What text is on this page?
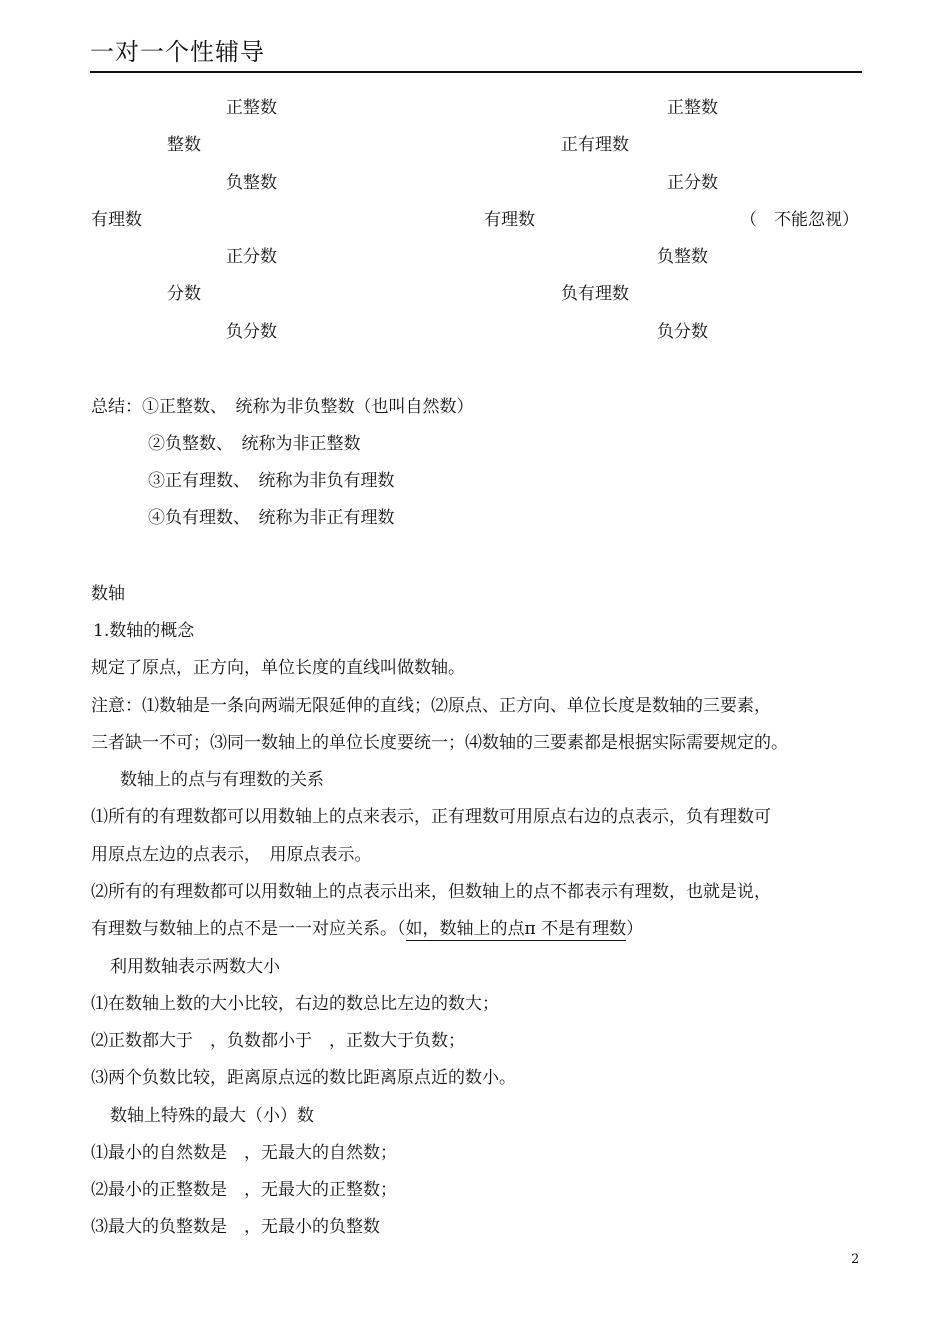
一对一个性辅导
正整数
整数
负整数
有理数
正分数
分数
负分数
正整数
正有理数
正分数
有理数	（　不能忽视）
负整数
负有理数
负分数
总结：①正整数、　统称为非负整数（也叫自然数）
②负整数、　统称为非正整数
③正有理数、　统称为非负有理数
④负有理数、　统称为非正有理数
数轴
1.数轴的概念
规定了原点，正方向，单位长度的直线叫做数轴。
注意：⑴数轴是一条向两端无限延伸的直线；⑵原点、正方向、单位长度是数轴的三要素，
三者缺一不可；⑶同一数轴上的单位长度要统一；⑷数轴的三要素都是根据实际需要规定的。
数轴上的点与有理数的关系
⑴所有的有理数都可以用数轴上的点来表示，正有理数可用原点右边的点表示，负有理数可
用原点左边的点表示，　用原点表示。
⑵所有的有理数都可以用数轴上的点表示出来，但数轴上的点不都表示有理数，也就是说，
有理数与数轴上的点不是一一对应关系。（如，数轴上的点π 不是有理数）
利用数轴表示两数大小
⑴在数轴上数的大小比较，右边的数总比左边的数大；
⑵正数都大于　，负数都小于　，正数大于负数；
⑶两个负数比较，距离原点远的数比距离原点近的数小。
数轴上特殊的最大（小）数
⑴最小的自然数是　，无最大的自然数；
⑵最小的正整数是　，无最大的正整数；
⑶最大的负整数是　，无最小的负整数
2
